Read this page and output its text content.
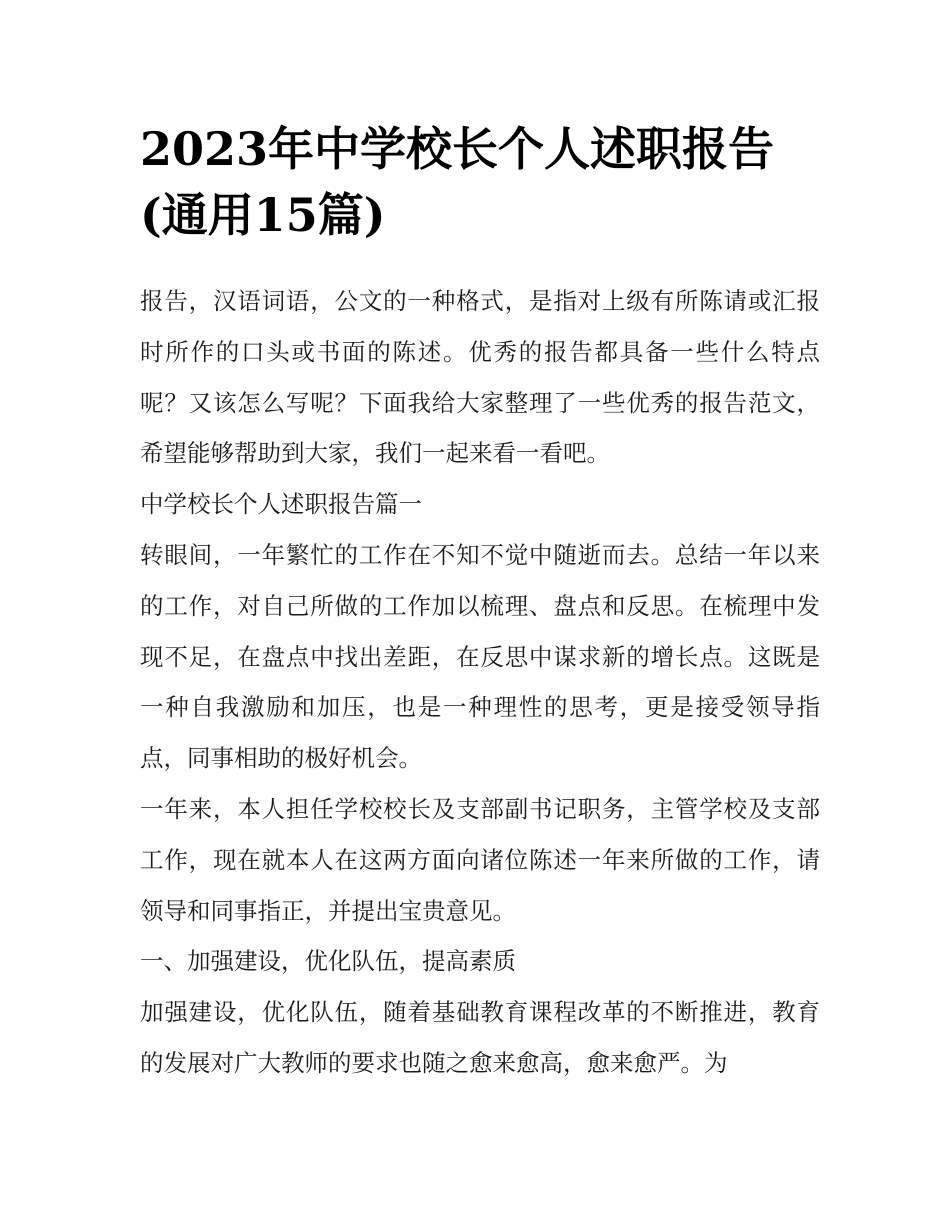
2023年中学校长个人述职报告(通用15篇)

报告，汉语词语，公文的一种格式，是指对上级有所陈请或汇报时所作的口头或书面的陈述。优秀的报告都具备一些什么特点呢？又该怎么写呢？下面我给大家整理了一些优秀的报告范文，希望能够帮助到大家，我们一起来看一看吧。

中学校长个人述职报告篇一

转眼间，一年繁忙的工作在不知不觉中随逝而去。总结一年以来的工作，对自己所做的工作加以梳理、盘点和反思。在梳理中发现不足，在盘点中找出差距，在反思中谋求新的增长点。这既是一种自我激励和加压，也是一种理性的思考，更是接受领导指点，同事相助的极好机会。

一年来，本人担任学校校长及支部副书记职务，主管学校及支部工作，现在就本人在这两方面向诸位陈述一年来所做的工作，请领导和同事指正，并提出宝贵意见。

一、加强建设，优化队伍，提高素质

加强建设，优化队伍，随着基础教育课程改革的不断推进，教育的发展对广大教师的要求也随之愈来愈高，愈来愈严。为
